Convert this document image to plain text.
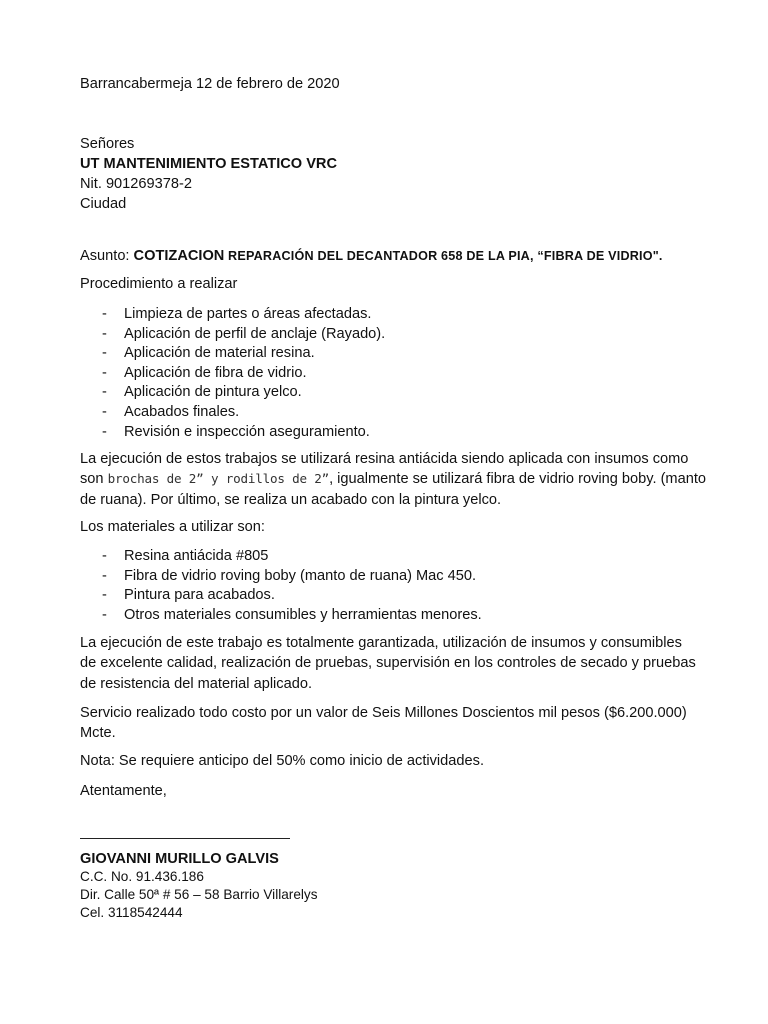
Barrancabermeja 12 de febrero de 2020
Señores
UT MANTENIMIENTO ESTATICO VRC
Nit. 901269378-2
Ciudad
Asunto: COTIZACION REPARACIÓN DEL DECANTADOR 658 DE LA PIA, “FIBRA DE VIDRIO".
Procedimiento a realizar
- Limpieza de partes o áreas afectadas.
- Aplicación de perfil de anclaje (Rayado).
- Aplicación de material resina.
- Aplicación de fibra de vidrio.
- Aplicación de pintura yelco.
- Acabados finales.
- Revisión e inspección aseguramiento.
La ejecución de estos trabajos se utilizará resina antiácida siendo aplicada con insumos como
son brochas de 2” y rodillos de 2”, igualmente se utilizará fibra de vidrio roving boby. (manto
de ruana). Por último, se realiza un acabado con la pintura yelco.
Los materiales a utilizar son:
- Resina antiácida #805
- Fibra de vidrio roving boby (manto de ruana) Mac 450.
- Pintura para acabados.
- Otros materiales consumibles y herramientas menores.
La ejecución de este trabajo es totalmente garantizada, utilización de insumos y consumibles
de excelente calidad, realización de pruebas, supervisión en los controles de secado y pruebas
de resistencia del material aplicado.
Servicio realizado todo costo por un valor de Seis Millones Doscientos mil pesos ($6.200.000)
Mcte.
Nota: Se requiere anticipo del 50% como inicio de actividades.
Atentamente,
GIOVANNI MURILLO GALVIS
C.C. No. 91.436.186
Dir. Calle 50ª # 56 – 58 Barrio Villarelys
Cel. 3118542444
